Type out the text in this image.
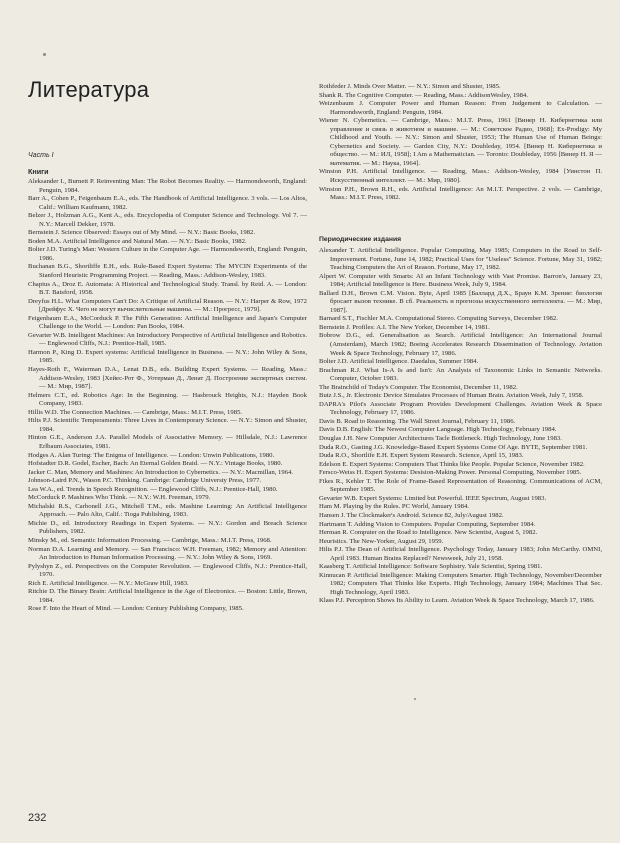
Литература
Часть I
Книги
Aleksander I., Burnett P. Reinventing Man: The Robot Becomes Reality. — Harmondsworth, England: Penguin, 1984.
Barr A., Cohen P., Feigenbaum E.A., eds. The Handbook of Artificial Intelligence. 3 vols. — Los Altos, Calif.: William Kaufmann, 1982.
Belzer J., Holzman A.G., Kent A., eds. Encyclopedia of Computer Science and Technology. Vol 7. — N.Y.: Marcell Dekker, 1978.
Bernstein J. Science Observed: Essays out of My Mind. — N.Y.: Basic Books, 1982.
Boden M.A. Artificial Intelligence and Natural Man. — N.Y.: Basic Books, 1982.
Bolter J.D. Turing's Man: Western Culture in the Computer Age. — Harmondsworth, England: Penguin, 1986.
Buchanan B.G., Shortliffe E.H., eds. Rule-Based Expert Systems: The MYCIN Experiments of the Stanford Heuristic Programming Project. — Reading, Mass.: Addison-Wesley, 1983.
Chapius A., Droz E. Automata: A Historical and Technological Study. Transl. by Reid. A. — London: B.T. Batsford, 1958.
Dreyfus H.L. What Computers Can't Do: A Critique of Artificial Reason. — N.Y.: Harper & Row, 1972 [Дрейфус Х. Чего не могут вычислительные машины. — М.: Прогресс, 1979].
Feigenbaum E.A., McCorduck P. The Fifth Generation: Artificial Intelligence and Japan's Computer Challenge to the World. — London: Pan Books, 1984.
Gevarter W.B. Intelligent Machines: An Introductory Perspective of Artificial Intelligence and Robotics. — Englewood Cliffs, N.J.: Prentice-Hall, 1985.
Harmon P., King D. Expert systems: Artificial Intelligence in Business. — N.Y.: John Wiley & Sons, 1985.
Hayes-Roth F., Waterman D.A., Lenat D.B., eds. Building Expert Systems. — Reading, Mass.: Addison-Wesley, 1983 [Хейес-Рот Ф., Уотерман Д., Ленат Д. Построение экспертных систем. — М.: Мир, 1987].
Helmers C.T., ed. Robotics Age: In the Beginning. — Hasbrouck Heights, N.J.: Hayden Book Company, 1983.
Hillis W.D. The Connection Machines. — Cambrige, Mass.: M.I.T. Press, 1985.
Hilts P.J. Scientific Temperaments: Three Lives in Contemporary Science. — N.Y.: Simon and Shuster, 1984.
Hinton G.E., Anderson J.A. Parallel Models of Associative Memory. — Hillsdale, N.J.: Lawrence Erlbaum Associates, 1981.
Hodges A. Alan Turing: The Enigma of Intelligence. — London: Unwin Publications, 1980.
Hofstadter D.R. Godel, Escher, Bach: An Eternal Golden Braid. — N.Y.: Vintage Books, 1980.
Jacker C. Man, Memory and Mashines: An Introduction to Cybernetics. — N.Y.: Macmillan, 1964.
Johnson-Laird P.N., Wason P.C. Thinking. Cambrige: Cambrige Universty Press, 1977.
Lea W.A., ed. Trends in Speech Recognition. — Englewood Cliffs, N.J.: Prentice-Hall, 1980.
McCorduck P. Mashines Who Think. — N.Y.: W.H. Freeman, 1979.
Michalski R.S., Carbonell J.G., Mitchell T.M., eds. Mashine Learning: An Artificial Intelligence Approach. — Palo Alto, Calif.: Tioga Publishing, 1983.
Michie D., ed. Introductory Readings in Expert Systems. — N.Y.: Gordon and Breach Science Publishers, 1982.
Minsky M., ed. Semantic Information Processing. — Cambrige, Mass.: M.I.T. Press, 1968.
Norman D.A. Learning and Memory. — San Francisco: W.H. Freeman, 1982; Memory and Attention: An Introduction to Human Information Processing. — N.Y.: John Wiley & Sons, 1969.
Pylyshyn Z., ed. Perspectives on the Computer Revolution. — Englewood Cliffs, N.J.: Prentice-Hall, 1970.
Rich E. Artificial Intelligence. — N.Y.: McGraw Hill, 1983.
Ritchie D. The Binary Brain: Artificial Intelligence in the Age of Electronics. — Boston: Little, Brown, 1984.
Rose F. Into the Heart of Mind. — London: Century Publishing Company, 1985.
Rothfeder J. Minds Over Matter. — N.Y.: Simon and Shuster, 1985.
Shank R. The Cognitive Computer. — Reading, Mass.: AddisonWesley, 1984.
Weizenbaum J. Computer Power and Human Reason: From Judgement to Calculation. — Harmondsworth, England: Penguin, 1984.
Wiener N. Cybernetics. — Cambrige, Mass.: M.I.T. Press, 1961 [Винер Н. Кибернетика или управление и связь в животном и машине. — М.: Советское Радио, 1968]; Ex-Prodigy: My Childhood and Youth. — N.Y.: Simon and Shuster, 1953; The Human Use of Human Beings: Cybernetics and Society. — Garden City, N.Y.: Doubleday, 1954. [Винер Н. Кибернетика и общество. — М.: ИЛ, 1958]; I Am a Mathematician. — Toronto: Doubleday, 1956 [Винер Н. Я — математик. — М.: Наука, 1964].
Winston P.H. Artificial Intelligence. — Reading, Mass.: Addison-Wesley, 1984 [Уинстон П. Искусственный интеллект. — М.: Мир, 1980].
Winston P.H., Brown R.H., eds. Artificial Intelligence: An M.I.T. Perspective. 2 vols. — Cambrige, Mass.: M.I.T. Press, 1982.
Периодические издания
Alexander T. Artificial Intelligence. Popular Computing, May 1985; Computers in the Road to Self-Improvement. Fortune, June 14, 1982; Practical Uses for "Useless" Science. Fortune, May 31, 1982; Teaching Computers the Art of Reason. Fortune, May 17, 1982.
Alpert W. Computer with Smarts: AI an Infant Technology with Vast Promise. Barron's, January 23, 1984; Artificial Intelligence is Here. Business Week, July 9, 1984.
Ballard D.H., Brown C.M. Vision. Byte, April 1985 [Баллард Д.Х., Браун К.М. Зрение: биология бросает вызов технике. В сб. Реальность и прогнозы искусственного интеллекта. — М.: Мир, 1987].
Barnard S.T., Fischler M.A. Computational Stereo. Computing Surveys, December 1982.
Bernstein J. Profiles: A.I. The New Yorker, December 14, 1981.
Bobrow D.G., ed. Generalisation as Search. Artificial Intelligence: An International Journal (Amsterdam), March 1982; Boeing Accelerates Research Dissemination of Technology. Aviation Week & Space Technology, February 17, 1986.
Bolter J.D. Artificial Intelligence. Daedalus, Summer 1984.
Brachman R.J. What Is-A Is and Isn't: An Analysis of Taxonomic Links in Semantic Networks. Computer, October 1983.
The Brainchild of Today's Computer. The Economist, December 11, 1982.
Butz J.S., Jr. Electronic Device Simulates Processes of Human Brain. Aviation Week, July 7, 1958.
DAPRA's Pilot's Associate Program Provides Development Challenges. Aviation Week & Space Technology, February 17, 1986.
Davis B. Road to Reasoning. The Wall Street Journal, February 11, 1986.
Davis D.B. English: The Newest Computer Language. High Technology, February 1984.
Douglas J.H. New Computer Architectures Tacle Bottleneck. High Technology, June 1983.
Duda R.O., Gasting J.G. Knowledge-Based Expert Systems Come Of Age. BYTE, September 1981.
Duda R.O., Shortlife E.H. Expert System Research. Science, April 15, 1983.
Edelson E. Expert Systems: Computers That Thinks like People. Popular Science, November 1982.
Fersco-Weiss H. Expert Systems: Desision-Making Power. Personal Computing, November 1985.
Fikes R., Kehler T. The Role of Frame-Based Representation of Reasoning. Communications of ACM, September 1985.
Gevarter W.B. Expert Systems: Limited but Powerful. IEEE Spectrum, August 1983.
Ham M. Playing by the Rules. PC World, January 1984.
Hansen J. The Clockmaker's Android. Science 82, July/August 1982.
Hartmann T. Adding Vision to Computers. Popular Computing, September 1984.
Herman R. Computer on the Road to Intelligence. New Scientist, August 5, 1982.
Heuristics. The New-Yorker, August 29, 1959.
Hilts P.J. The Dean of Artificial Intelligence. Psychology Today, January 1983; John McCarthy. OMNI, April 1983. Human Brains Replaced? Newsweek, July 21, 1958.
Kaasberg T. Artificial Intelligence: Software Sophistry. Yale Scientist, Spring 1981.
Kinnucan P. Artificial Intelligence: Making Computers Smarter. High Technology, November/December 1982; Computers That Thinks like Experts. High Technology, January 1984; Machines That Sec. High Technology, April 1983.
Klass P.J. Perceptron Shows Its Ability to Learn. Aviation Week & Space Technology, March 17, 1986.
232
